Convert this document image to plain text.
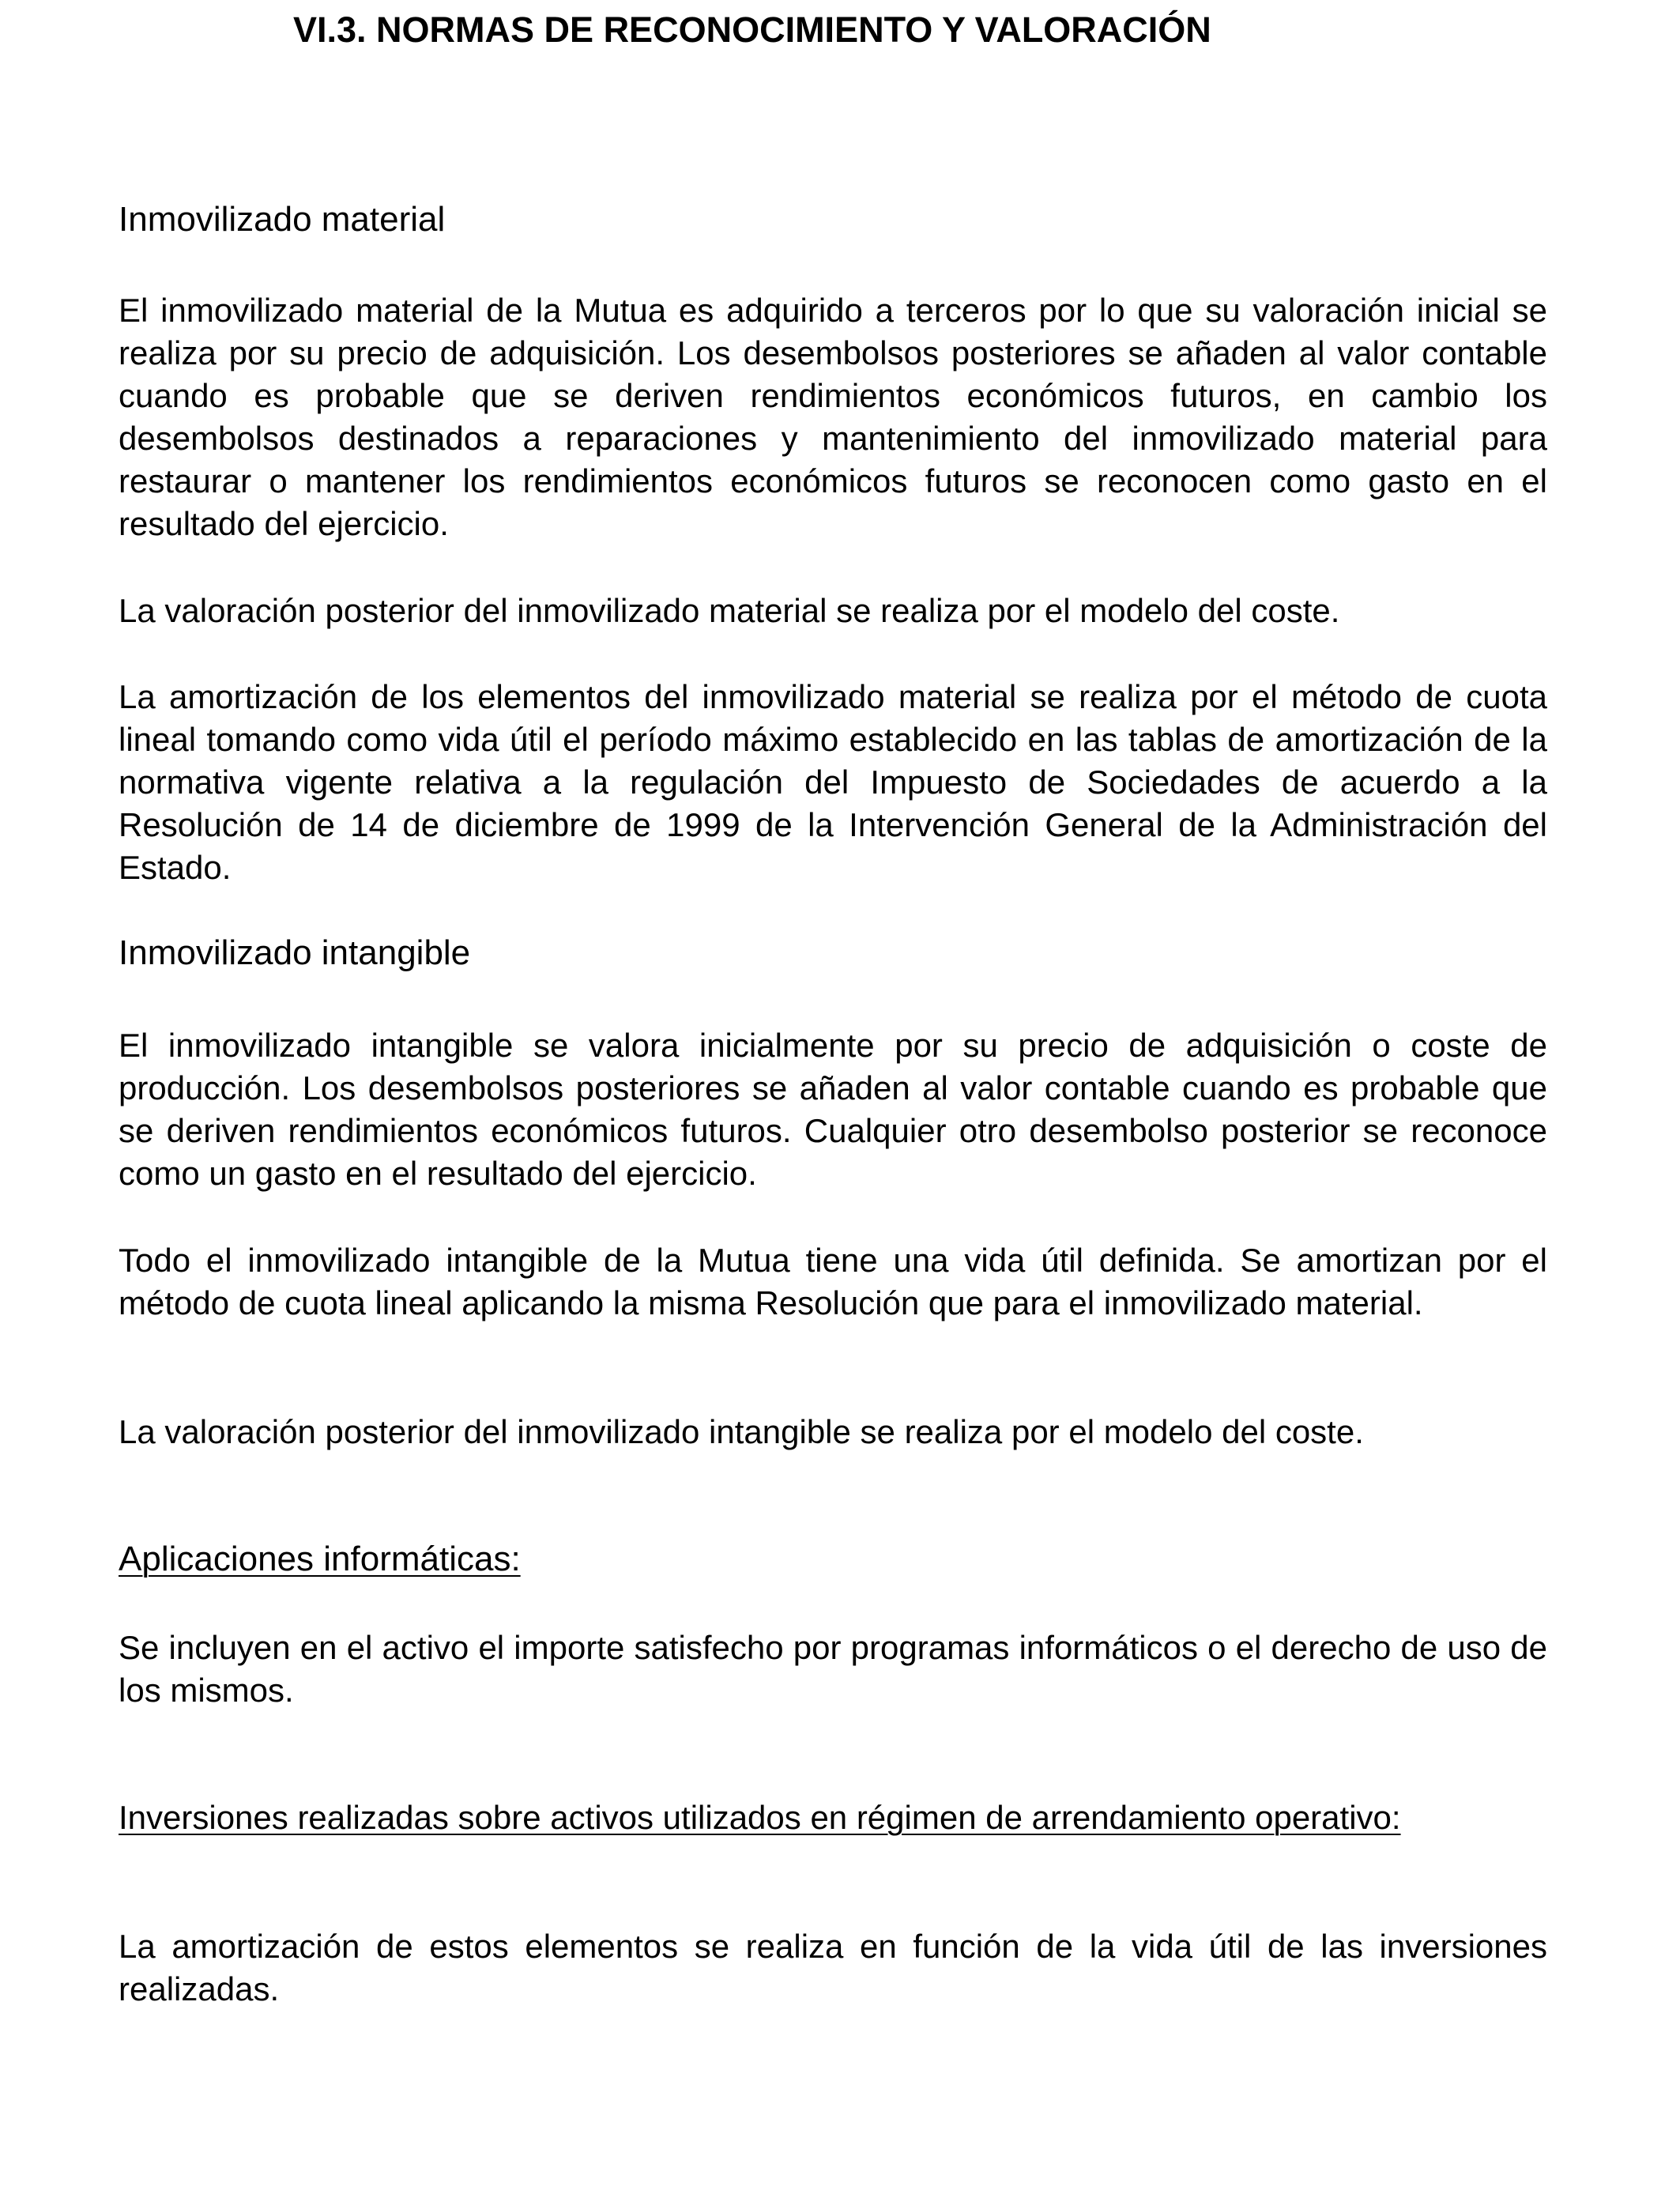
VI.3. NORMAS DE RECONOCIMIENTO Y VALORACIÓN
Inmovilizado material
El inmovilizado material de la Mutua es adquirido a terceros por lo que su valoración inicial se realiza por su precio de adquisición. Los desembolsos posteriores se añaden al valor contable cuando es probable que se deriven rendimientos económicos futuros, en cambio los desembolsos destinados a reparaciones y mantenimiento del inmovilizado material para restaurar o mantener los rendimientos económicos futuros se reconocen como gasto en el resultado del ejercicio.
La valoración posterior del inmovilizado material se realiza por el modelo del coste.
La amortización de los elementos del inmovilizado material se realiza por el método de cuota lineal tomando como vida útil el período máximo establecido en las tablas de amortización de la normativa vigente relativa a la regulación del Impuesto de Sociedades de acuerdo a la Resolución de 14 de diciembre de 1999 de la Intervención General de la Administración del Estado.
Inmovilizado intangible
El inmovilizado intangible se valora inicialmente por su precio de adquisición o coste de producción. Los desembolsos posteriores se añaden al valor contable cuando es probable que se deriven rendimientos económicos futuros. Cualquier otro desembolso posterior se reconoce como un gasto en el resultado del ejercicio.
Todo el inmovilizado intangible de la Mutua tiene una vida útil definida. Se amortizan por el método de cuota lineal aplicando la misma Resolución que para el inmovilizado material.
La valoración posterior del inmovilizado intangible se realiza por el modelo del coste.
Aplicaciones informáticas:
Se incluyen en el activo el importe satisfecho por programas informáticos o el derecho de uso de los mismos.
Inversiones realizadas sobre activos utilizados en régimen de arrendamiento operativo:
La amortización de estos elementos se realiza en función de la vida útil de las inversiones realizadas.
